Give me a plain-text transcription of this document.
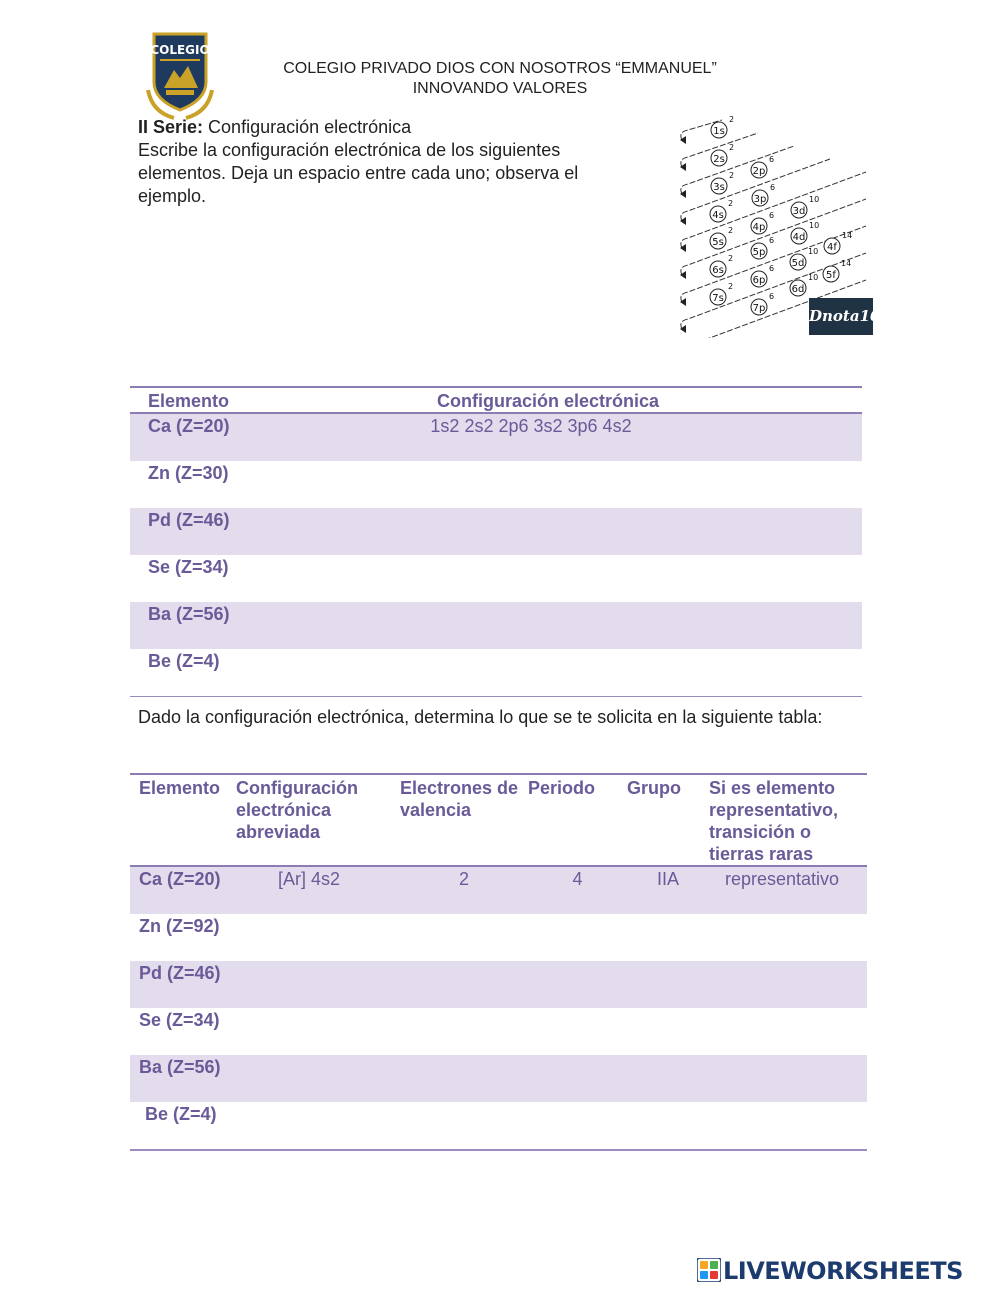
COLEGIO
COLEGIO PRIVADO DIOS CON NOSOTROS “EMMANUEL”
INNOVANDO VALORES
II Serie: Configuración electrónica
Escribe la configuración electrónica de los siguientes elementos. Deja un espacio entre cada uno; observa el ejemplo.
1s
2
2s
2
2p
6
3s
2
3p
6
3d
10
4s
2
4p
6
4d
10
4f
14
5s
2
5p
6
5d
10
5f
14
6s
2
6p
6
6d
10
7s
2
7p
6
Dnota10
Elemento	Configuración electrónica
Ca (Z=20)	1s2 2s2 2p6 3s2 3p6 4s2
Zn (Z=30)	
Pd (Z=46)	
Se (Z=34)	
Ba (Z=56)	
Be (Z=4)	
Dado la configuración electrónica, determina lo que se te solicita en la siguiente tabla:
Elemento	Configuración electrónica abreviada	Electrones de valencia	Periodo	Grupo	Si es elemento representativo, transición o tierras raras
Ca (Z=20)	[Ar] 4s2	2	4	IIA	representativo
Zn (Z=92)					
Pd (Z=46)					
Se (Z=34)					
Ba (Z=56)					
Be (Z=4)					
LIVEWORKSHEETS
